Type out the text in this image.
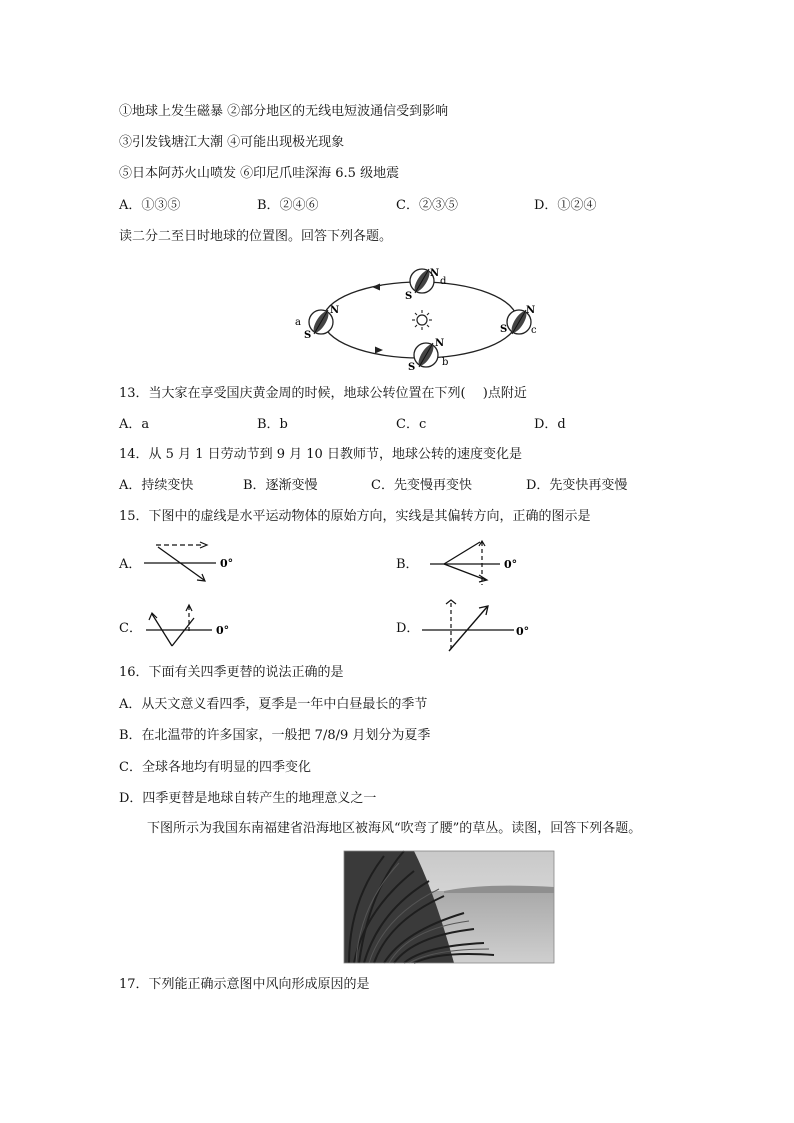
①地球上发生磁暴 ②部分地区的无线电短波通信受到影响
③引发钱塘江大潮 ④可能出现极光现象
⑤日本阿苏火山喷发 ⑥印尼爪哇深海 6.5 级地震
A．①③⑤	B．②④⑥	C．②③⑤	D．①②④
读二分二至日时地球的位置图。回答下列各题。
N
S
d
N
S
a
N
S c
N
S	b
13．当大家在享受国庆黄金周的时候，地球公转位置在下列(　 )点附近
A．a	B．b	C．c	D．d
14．从 5 月 1 日劳动节到 9 月 10 日教师节，地球公转的速度变化是
A．持续变快	B．逐渐变慢	C．先变慢再变快	D．先变快再变慢
15．下图中的虚线是水平运动物体的原始方向，实线是其偏转方向，正确的图示是
A．	0°	B．	0°
C．	0°	D．	0°
16．下面有关四季更替的说法正确的是
A．从天文意义看四季，夏季是一年中白昼最长的季节
B．在北温带的许多国家，一般把 7/8/9 月划分为夏季
C．全球各地均有明显的四季变化
D．四季更替是地球自转产生的地理意义之一
下图所示为我国东南福建省沿海地区被海风“吹弯了腰”的草丛。读图，回答下列各题。
17．下列能正确示意图中风向形成原因的是
